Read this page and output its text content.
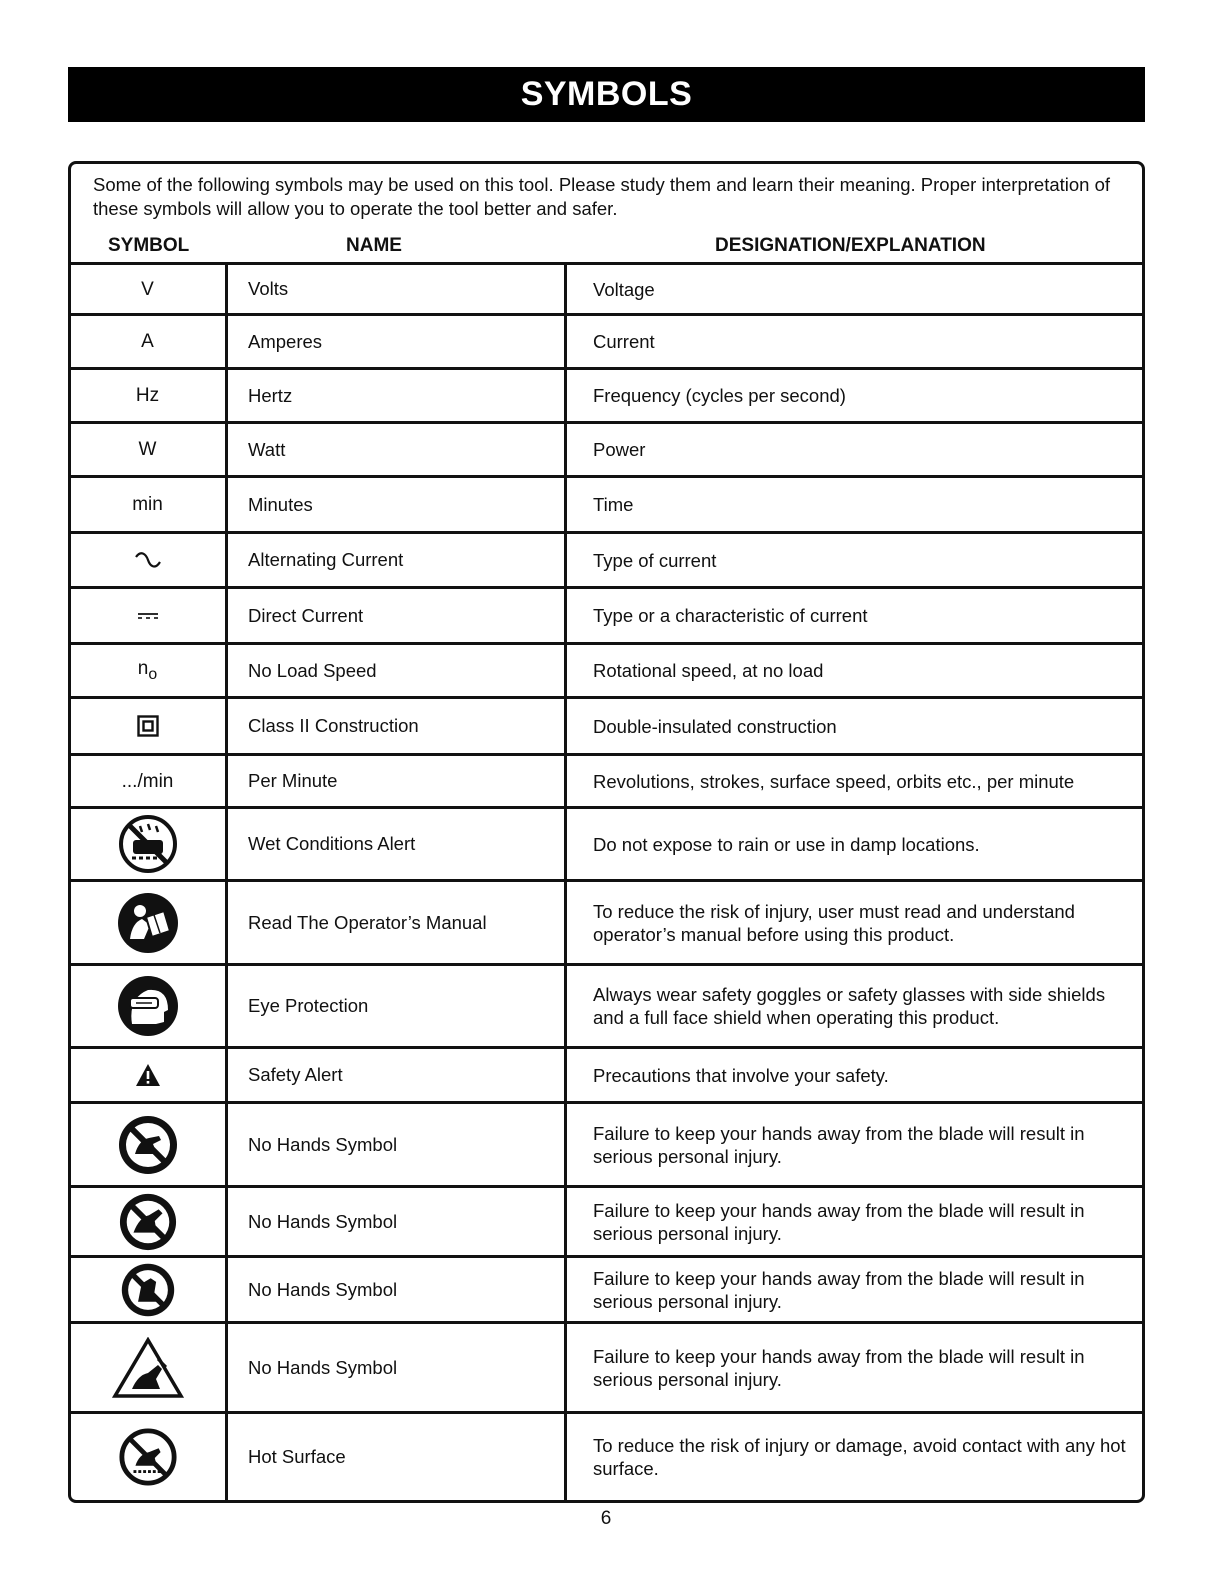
SYMBOLS
Some of the following symbols may be used on this tool. Please study them and learn their meaning. Proper interpretation of these symbols will allow you to operate the tool better and safer.
SYMBOL	NAME	DESIGNATION/EXPLANATION
V	Volts	Voltage
A	Amperes	Current
Hz	Hertz	Frequency (cycles per second)
W	Watt	Power
min	Minutes	Time

	Alternating Current	Type of current

	Direct Current	Type or a characteristic of current
$n_o$	No Load Speed	Rotational speed, at no load

	Class II Construction	Double-insulated construction
.../min	Per Minute	Revolutions, strokes, surface speed, orbits etc., per minute

	Wet Conditions Alert	Do not expose to rain or use in damp locations.

	Read The Operator’s Manual	To reduce the risk of injury, user must read and understand operator’s manual before using this product.

	Eye Protection	Always wear safety goggles or safety glasses with side shields and a full face shield when operating this product.

	Safety Alert	Precautions that involve your safety.

	No Hands Symbol	Failure to keep your hands away from the blade will result in serious personal injury.

	No Hands Symbol	Failure to keep your hands away from the blade will result in serious personal injury.

	No Hands Symbol	Failure to keep your hands away from the blade will result in serious personal injury.

	No Hands Symbol	Failure to keep your hands away from the blade will result in serious personal injury.

	Hot Surface	To reduce the risk of injury or damage, avoid contact with any hot surface.
6
